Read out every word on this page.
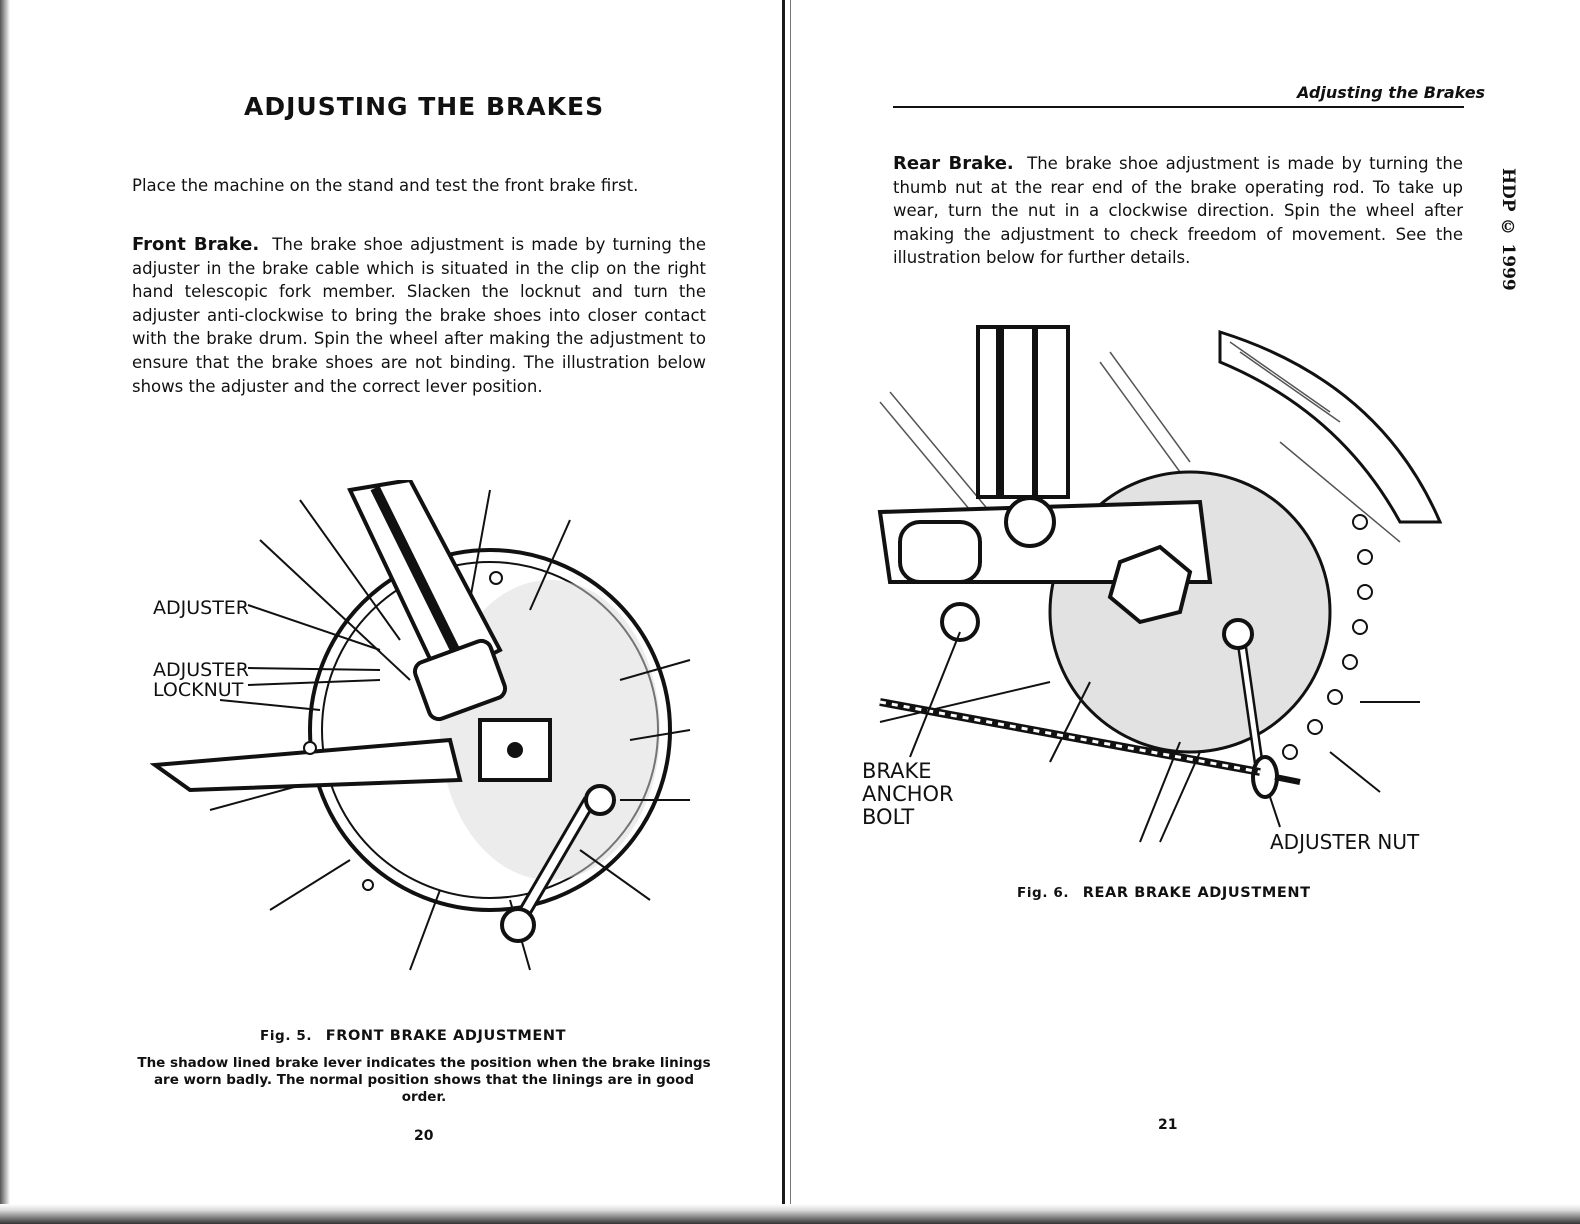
ADJUSTING THE BRAKES
Place the machine on the stand and test the front brake first.
Front Brake. The brake shoe adjustment is made by turning the adjuster in the brake cable which is situated in the clip on the right hand telescopic fork member. Slacken the locknut and turn the adjuster anti-clockwise to bring the brake shoes into closer contact with the brake drum. Spin the wheel after making the adjustment to ensure that the brake shoes are not binding. The illustration below shows the adjuster and the correct lever position.
ADJUSTER
ADJUSTER
LOCKNUT
Fig. 5. FRONT BRAKE ADJUSTMENT
The shadow lined brake lever indicates the position when the brake linings are worn badly. The normal position shows that the linings are in good order.
20
Adjusting the Brakes
Rear Brake. The brake shoe adjustment is made by turning the thumb nut at the rear end of the brake operating rod. To take up wear, turn the nut in a clockwise direction. Spin the wheel after making the adjustment to check freedom of movement. See the illustration below for further details.	HDP © 1999
BRAKE
ANCHOR
BOLT
ADJUSTER NUT
Fig. 6. REAR BRAKE ADJUSTMENT
21
